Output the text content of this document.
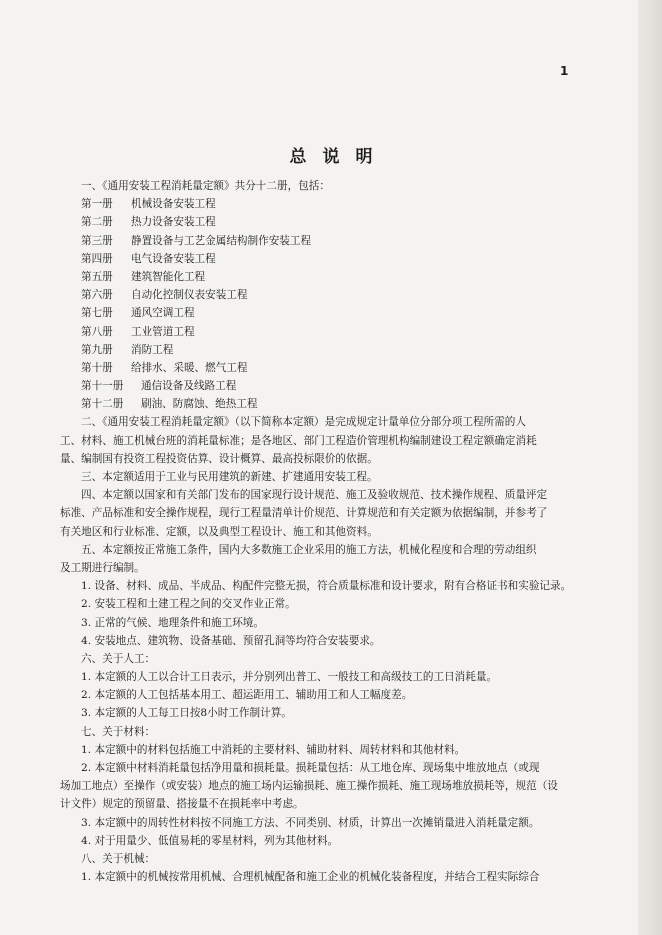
1
总说明
一、《通用安装工程消耗量定额》共分十二册，包括：
第一册 机械设备安装工程
第二册 热力设备安装工程
第三册 静置设备与工艺金属结构制作安装工程
第四册 电气设备安装工程
第五册 建筑智能化工程
第六册 自动化控制仪表安装工程
第七册 通风空调工程
第八册 工业管道工程
第九册 消防工程
第十册 给排水、采暖、燃气工程
第十一册 通信设备及线路工程
第十二册 刷油、防腐蚀、绝热工程
二、《通用安装工程消耗量定额》（以下简称本定额）是完成规定计量单位分部分项工程所需的人
工、材料、施工机械台班的消耗量标准；是各地区、部门工程造价管理机构编制建设工程定额确定消耗
量、编制国有投资工程投资估算、设计概算、最高投标限价的依据。
三、本定额适用于工业与民用建筑的新建、扩建通用安装工程。
四、本定额以国家和有关部门发布的国家现行设计规范、施工及验收规范、技术操作规程、质量评定
标准、产品标准和安全操作规程，现行工程量清单计价规范、计算规范和有关定额为依据编制，并参考了
有关地区和行业标准、定额，以及典型工程设计、施工和其他资料。
五、本定额按正常施工条件，国内大多数施工企业采用的施工方法，机械化程度和合理的劳动组织
及工期进行编制。
1. 设备、材料、成品、半成品、构配件完整无损，符合质量标准和设计要求，附有合格证书和实验记录。
2. 安装工程和土建工程之间的交叉作业正常。
3. 正常的气候、地理条件和施工环境。
4. 安装地点、建筑物、设备基础、预留孔洞等均符合安装要求。
六、关于人工：
1. 本定额的人工以合计工日表示，并分别列出普工、一般技工和高级技工的工日消耗量。
2. 本定额的人工包括基本用工、超运距用工、辅助用工和人工幅度差。
3. 本定额的人工每工日按8小时工作制计算。
七、关于材料：
1. 本定额中的材料包括施工中消耗的主要材料、辅助材料、周转材料和其他材料。
2. 本定额中材料消耗量包括净用量和损耗量。损耗量包括：从工地仓库、现场集中堆放地点（或现
场加工地点）至操作（或安装）地点的施工场内运输损耗、施工操作损耗、施工现场堆放损耗等，规范（设
计文件）规定的预留量、搭接量不在损耗率中考虑。
3. 本定额中的周转性材料按不同施工方法、不同类别、材质，计算出一次摊销量进入消耗量定额。
4. 对于用量少、低值易耗的零星材料，列为其他材料。
八、关于机械：
1. 本定额中的机械按常用机械、合理机械配备和施工企业的机械化装备程度，并结合工程实际综合
